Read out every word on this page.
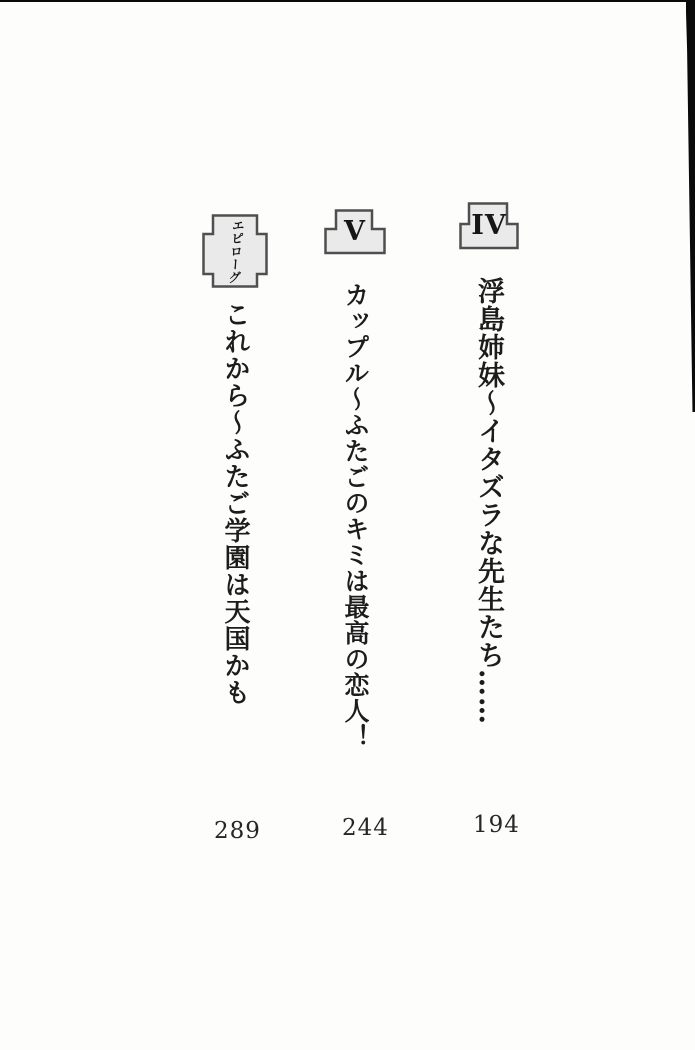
IV
浮島姉妹〜イタズラな先生たち……
194
V
カップル〜ふたごのキミは最高の恋人！
244
エピローグ
これから〜ふたご学園は天国かも
289
